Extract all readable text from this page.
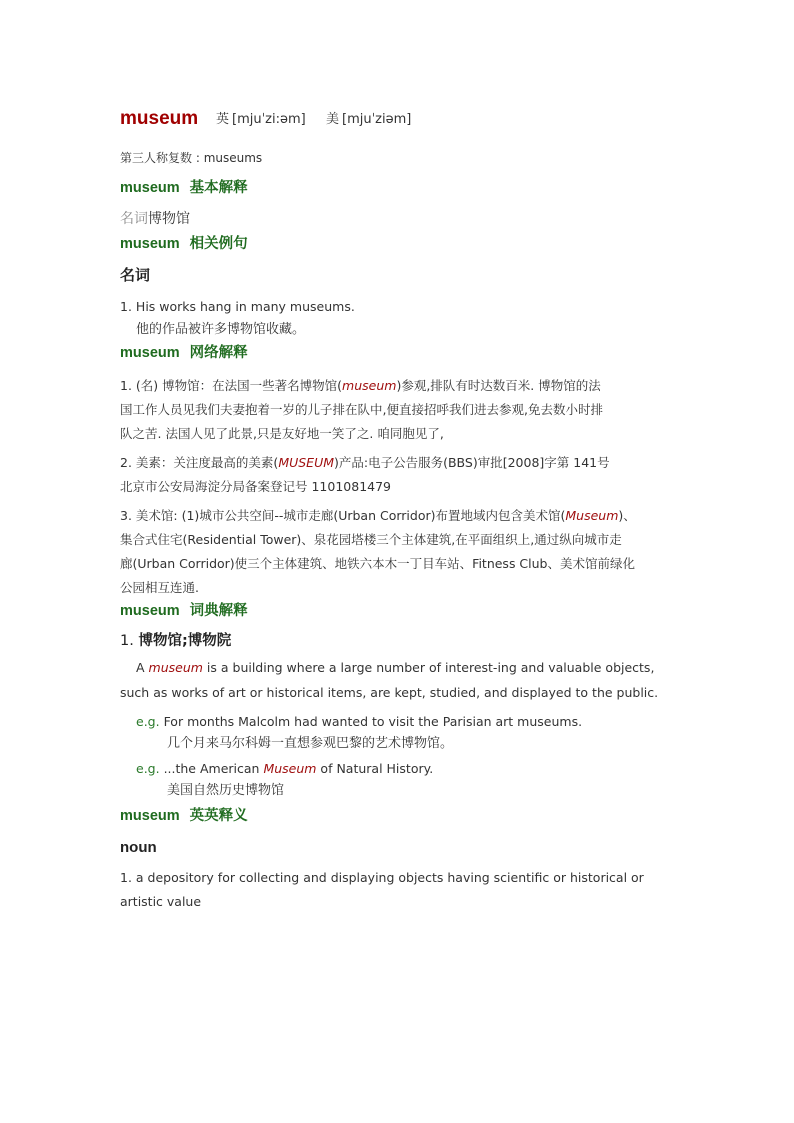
museum 英 [mjuˈzi:əm] 美 [mjuˈziəm]
第三人称复数 : museums
museum 基本解释
名词博物馆
museum 相关例句
名词
1. His works hang in many museums.
他的作品被许多博物馆收藏。
museum 网络解释
1. (名) 博物馆：在法国一些著名博物馆(museum)参观,排队有时达数百米. 博物馆的法
国工作人员见我们夫妻抱着一岁的儿子排在队中,便直接招呼我们进去参观,免去数小时排
队之苦. 法国人见了此景,只是友好地一笑了之. 咱同胞见了,
2. 美素：关注度最高的美素(MUSEUM)产品:电子公告服务(BBS)审批[2008]字第 141号
北京市公安局海淀分局备案登记号 1101081479
3. 美术馆: (1)城市公共空间--城市走廊(Urban Corridor)布置地域内包含美术馆(Museum)、
集合式住宅(Residential Tower)、泉花园塔楼三个主体建筑,在平面组织上,通过纵向城市走
廊(Urban Corridor)使三个主体建筑、地铁六本木一丁目车站、Fitness Club、美术馆前绿化
公园相互连通.
museum 词典解释
1. 博物馆;博物院
A museum is a building where a large number of interest-ing and valuable objects,
such as works of art or historical items, are kept, studied, and displayed to the public.
e.g. For months Malcolm had wanted to visit the Parisian art museums.
几个月来马尔科姆一直想参观巴黎的艺术博物馆。
e.g. ...the American Museum of Natural History.
美国自然历史博物馆
museum 英英释义
noun
1. a depository for collecting and displaying objects having scientific or historical or
artistic value
